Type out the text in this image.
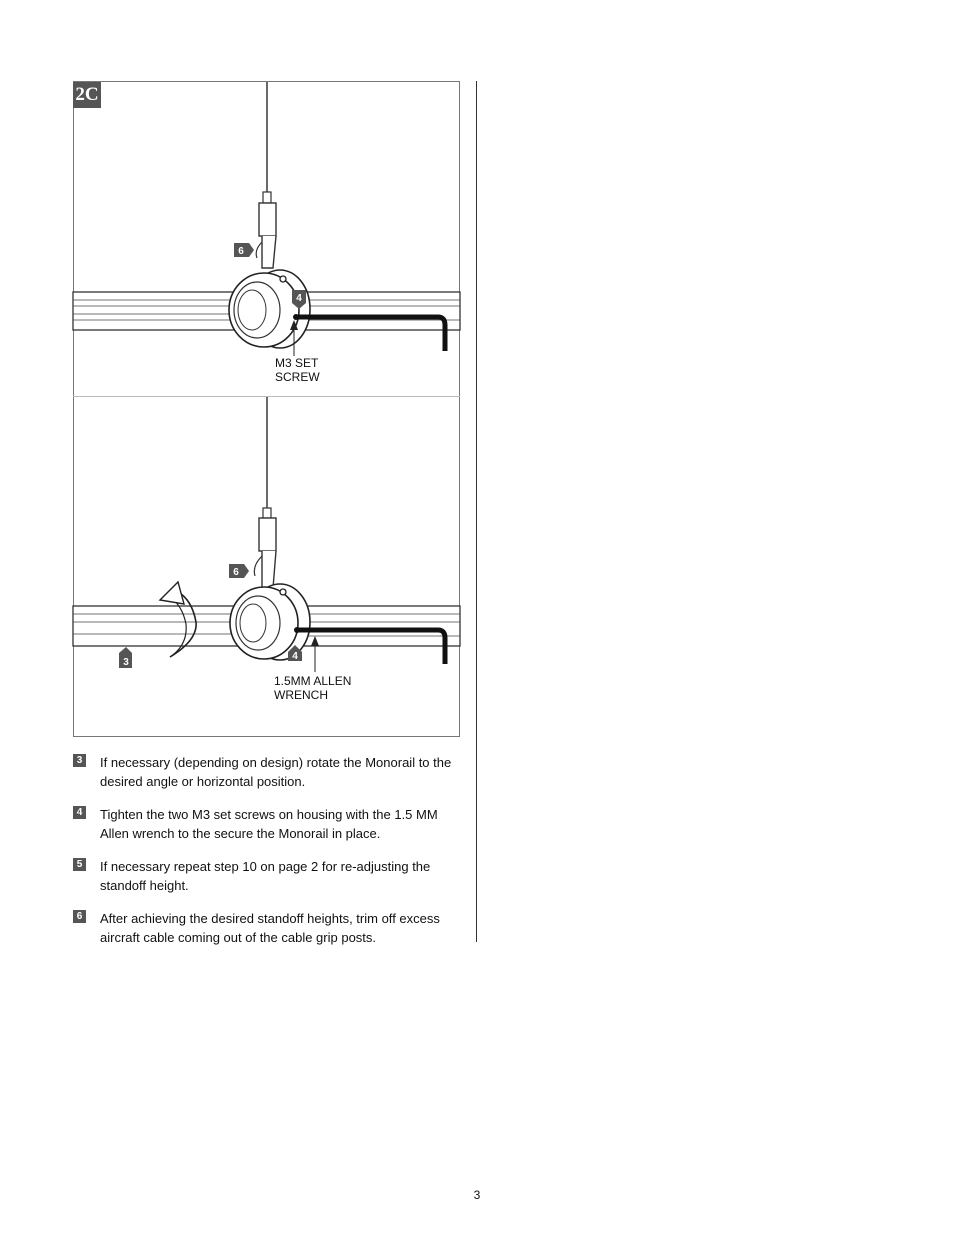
2C
6
4
6
3
4
M3 SET
SCREW
1.5MM ALLEN
WRENCH
3 If necessary (depending on design) rotate the Monorail to the desired angle or horizontal position.
4 Tighten the two M3 set screws on housing with the 1.5 MM Allen wrench to the secure the Monorail in place.
5 If necessary repeat step 10 on page 2 for re-adjusting the standoff height.
6 After achieving the desired standoff heights, trim off excess aircraft cable coming out of the cable grip posts.
3
